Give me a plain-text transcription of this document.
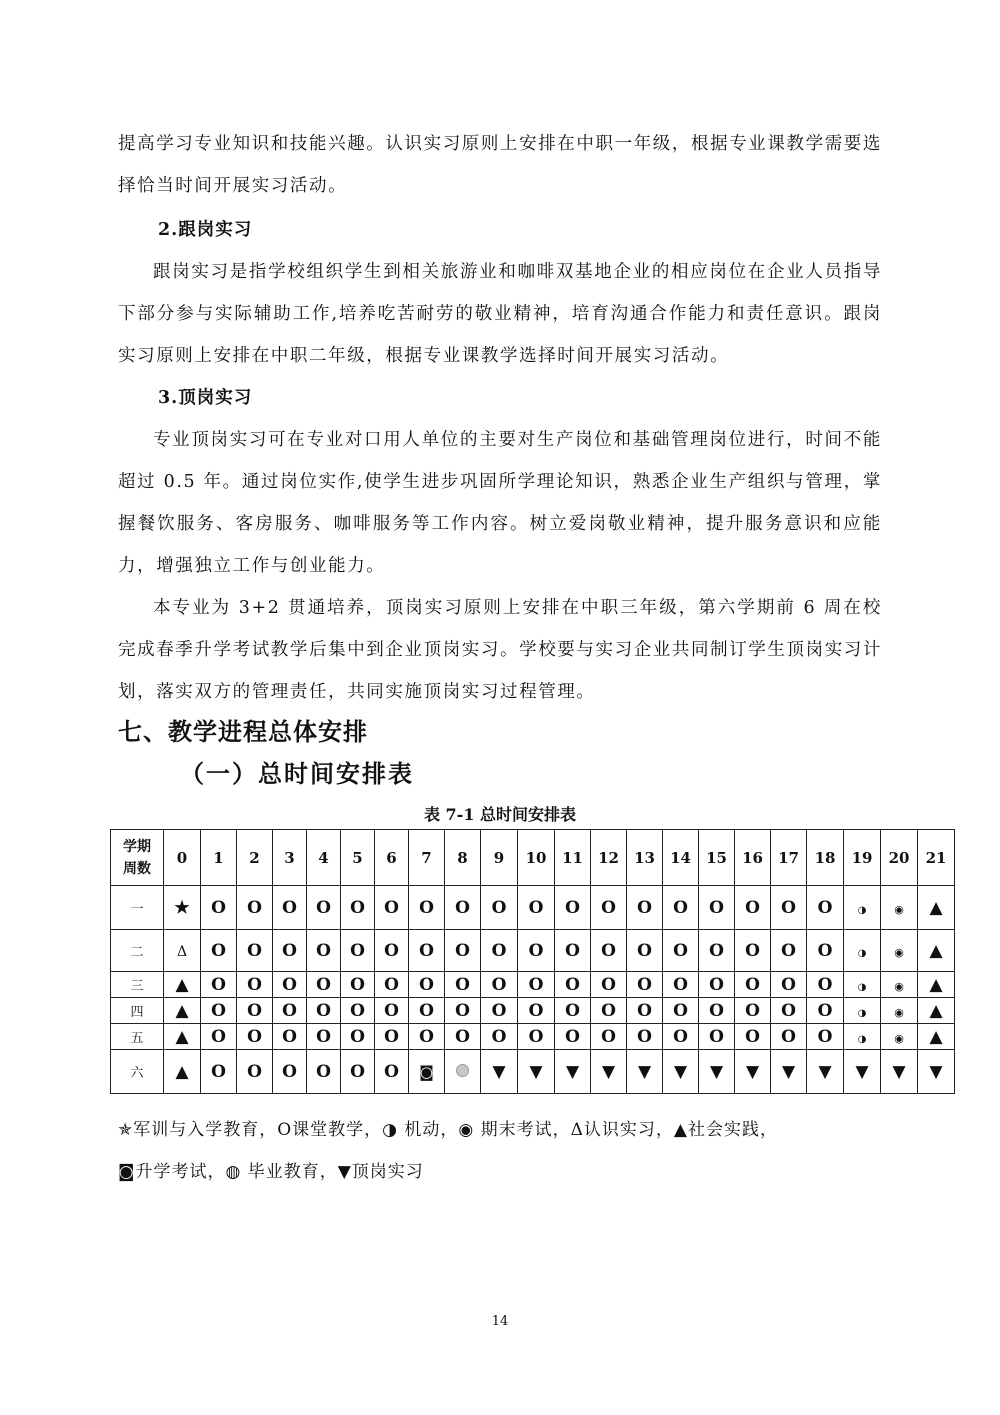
提高学习专业知识和技能兴趣。认识实习原则上安排在中职一年级，根据专业课教学需要选择恰当时间开展实习活动。

2.跟岗实习

跟岗实习是指学校组织学生到相关旅游业和咖啡双基地企业的相应岗位在企业人员指导下部分参与实际辅助工作,培养吃苦耐劳的敬业精神，培育沟通合作能力和责任意识。跟岗实习原则上安排在中职二年级，根据专业课教学选择时间开展实习活动。

3.顶岗实习

专业顶岗实习可在专业对口用人单位的主要对生产岗位和基础管理岗位进行，时间不能超过 0.5 年。通过岗位实作,使学生进步巩固所学理论知识，熟悉企业生产组织与管理，掌握餐饮服务、客房服务、咖啡服务等工作内容。树立爱岗敬业精神，提升服务意识和应能力，增强独立工作与创业能力。

本专业为 3+2 贯通培养，顶岗实习原则上安排在中职三年级，第六学期前 6 周在校完成春季升学考试教学后集中到企业顶岗实习。学校要与实习企业共同制订学生顶岗实习计划，落实双方的管理责任，共同实施顶岗实习过程管理。

七、教学进程总体安排
（一）总时间安排表

表 7-1 总时间安排表

学期
周数	0	1	2	3	4	5	6	7	8	9	10	11	12	13	14	15	16	17	18	19	20	21
一	★	O	O	O	O	O	O	O	O	O	O	O	O	O	O	O	O	O	O	◑	◉	▲
二	Δ	O	O	O	O	O	O	O	O	O	O	O	O	O	O	O	O	O	O	◑	◉	▲
三	▲	O	O	O	O	O	O	O	O	O	O	O	O	O	O	O	O	O	O	◑	◉	▲
四	▲	O	O	O	O	O	O	O	O	O	O	O	O	O	O	O	O	O	O	◑	◉	▲
五	▲	O	O	O	O	O	O	O	O	O	O	O	O	O	O	O	O	O	O	◑	◉	▲
六	▲	O	O	O	O	O	O	◙		▼	▼	▼	▼	▼	▼	▼	▼	▼	▼	▼	▼	▼

✯军训与入学教育，O课堂教学，◑ 机动，◉ 期末考试，Δ认识实习，▲社会实践，

◙升学考试，◍ 毕业教育，▼顶岗实习

14
